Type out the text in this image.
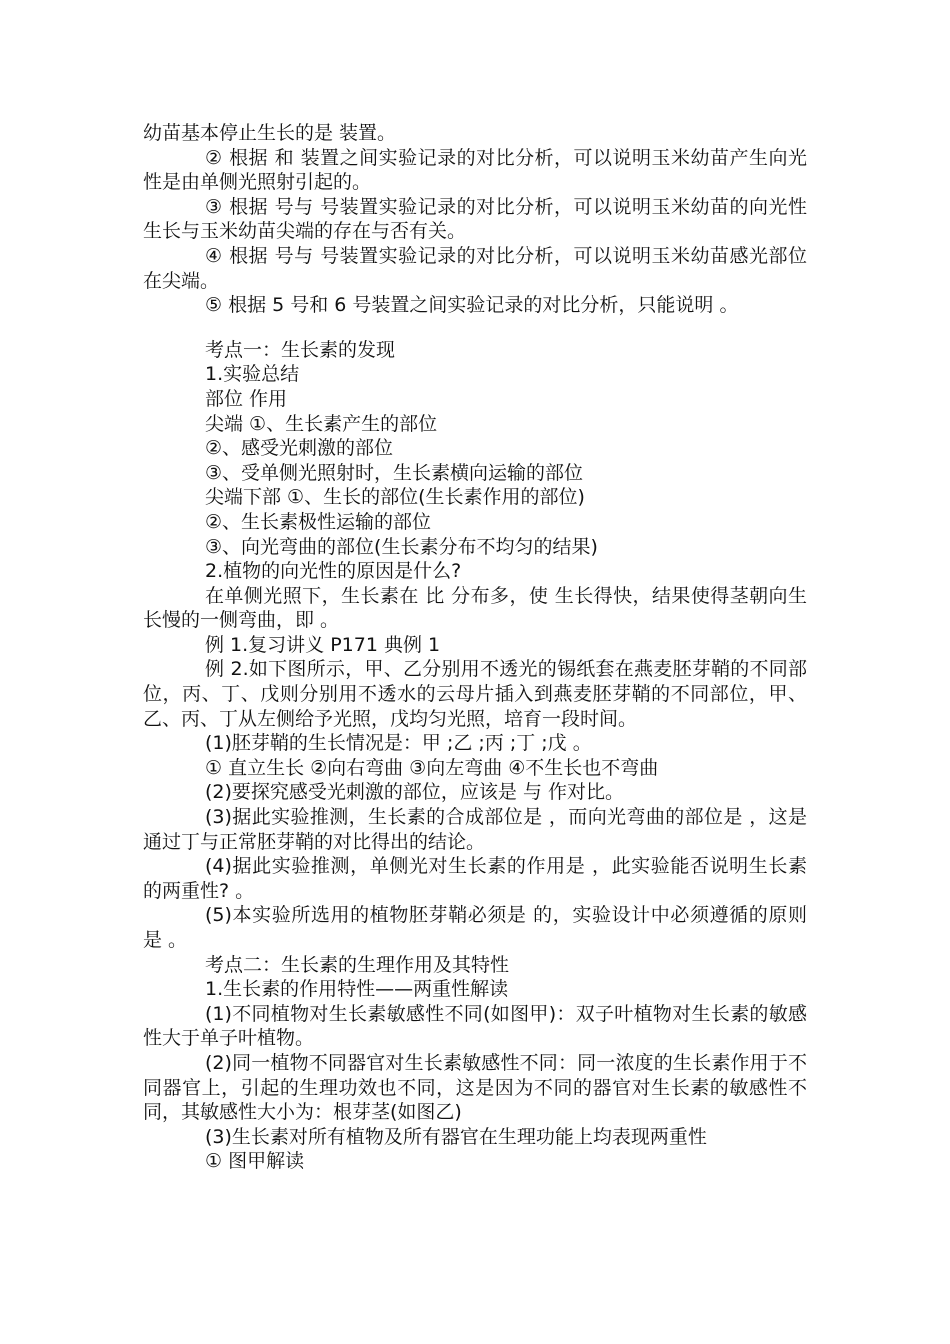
幼苗基本停止生长的是 装置。

② 根据 和 装置之间实验记录的对比分析，可以说明玉米幼苗产生向光性是由单侧光照射引起的。

③ 根据 号与 号装置实验记录的对比分析，可以说明玉米幼苗的向光性生长与玉米幼苗尖端的存在与否有关。

④ 根据 号与 号装置实验记录的对比分析，可以说明玉米幼苗感光部位在尖端。

⑤ 根据 5 号和 6 号装置之间实验记录的对比分析，只能说明 。

考点一：生长素的发现

1.实验总结

部位 作用

尖端 ①、生长素产生的部位

②、感受光刺激的部位

③、受单侧光照射时，生长素横向运输的部位

尖端下部 ①、生长的部位(生长素作用的部位)

②、生长素极性运输的部位

③、向光弯曲的部位(生长素分布不均匀的结果)

2.植物的向光性的原因是什么?

在单侧光照下，生长素在 比 分布多，使 生长得快，结果使得茎朝向生长慢的一侧弯曲，即 。

例 1.复习讲义 P171 典例 1

例 2.如下图所示，甲、乙分别用不透光的锡纸套在燕麦胚芽鞘的不同部位，丙、丁、戊则分别用不透水的云母片插入到燕麦胚芽鞘的不同部位，甲、乙、丙、丁从左侧给予光照，戊均匀光照，培育一段时间。

(1)胚芽鞘的生长情况是：甲 ;乙 ;丙 ;丁 ;戊 。

① 直立生长 ②向右弯曲 ③向左弯曲 ④不生长也不弯曲

(2)要探究感受光刺激的部位，应该是 与 作对比。

(3)据此实验推测，生长素的合成部位是 ，而向光弯曲的部位是 ，这是通过丁与正常胚芽鞘的对比得出的结论。

(4)据此实验推测，单侧光对生长素的作用是 ，此实验能否说明生长素的两重性? 。

(5)本实验所选用的植物胚芽鞘必须是 的，实验设计中必须遵循的原则是 。

考点二：生长素的生理作用及其特性

1.生长素的作用特性——两重性解读

(1)不同植物对生长素敏感性不同(如图甲)：双子叶植物对生长素的敏感性大于单子叶植物。

(2)同一植物不同器官对生长素敏感性不同：同一浓度的生长素作用于不同器官上，引起的生理功效也不同，这是因为不同的器官对生长素的敏感性不同，其敏感性大小为：根芽茎(如图乙)

(3)生长素对所有植物及所有器官在生理功能上均表现两重性

① 图甲解读
